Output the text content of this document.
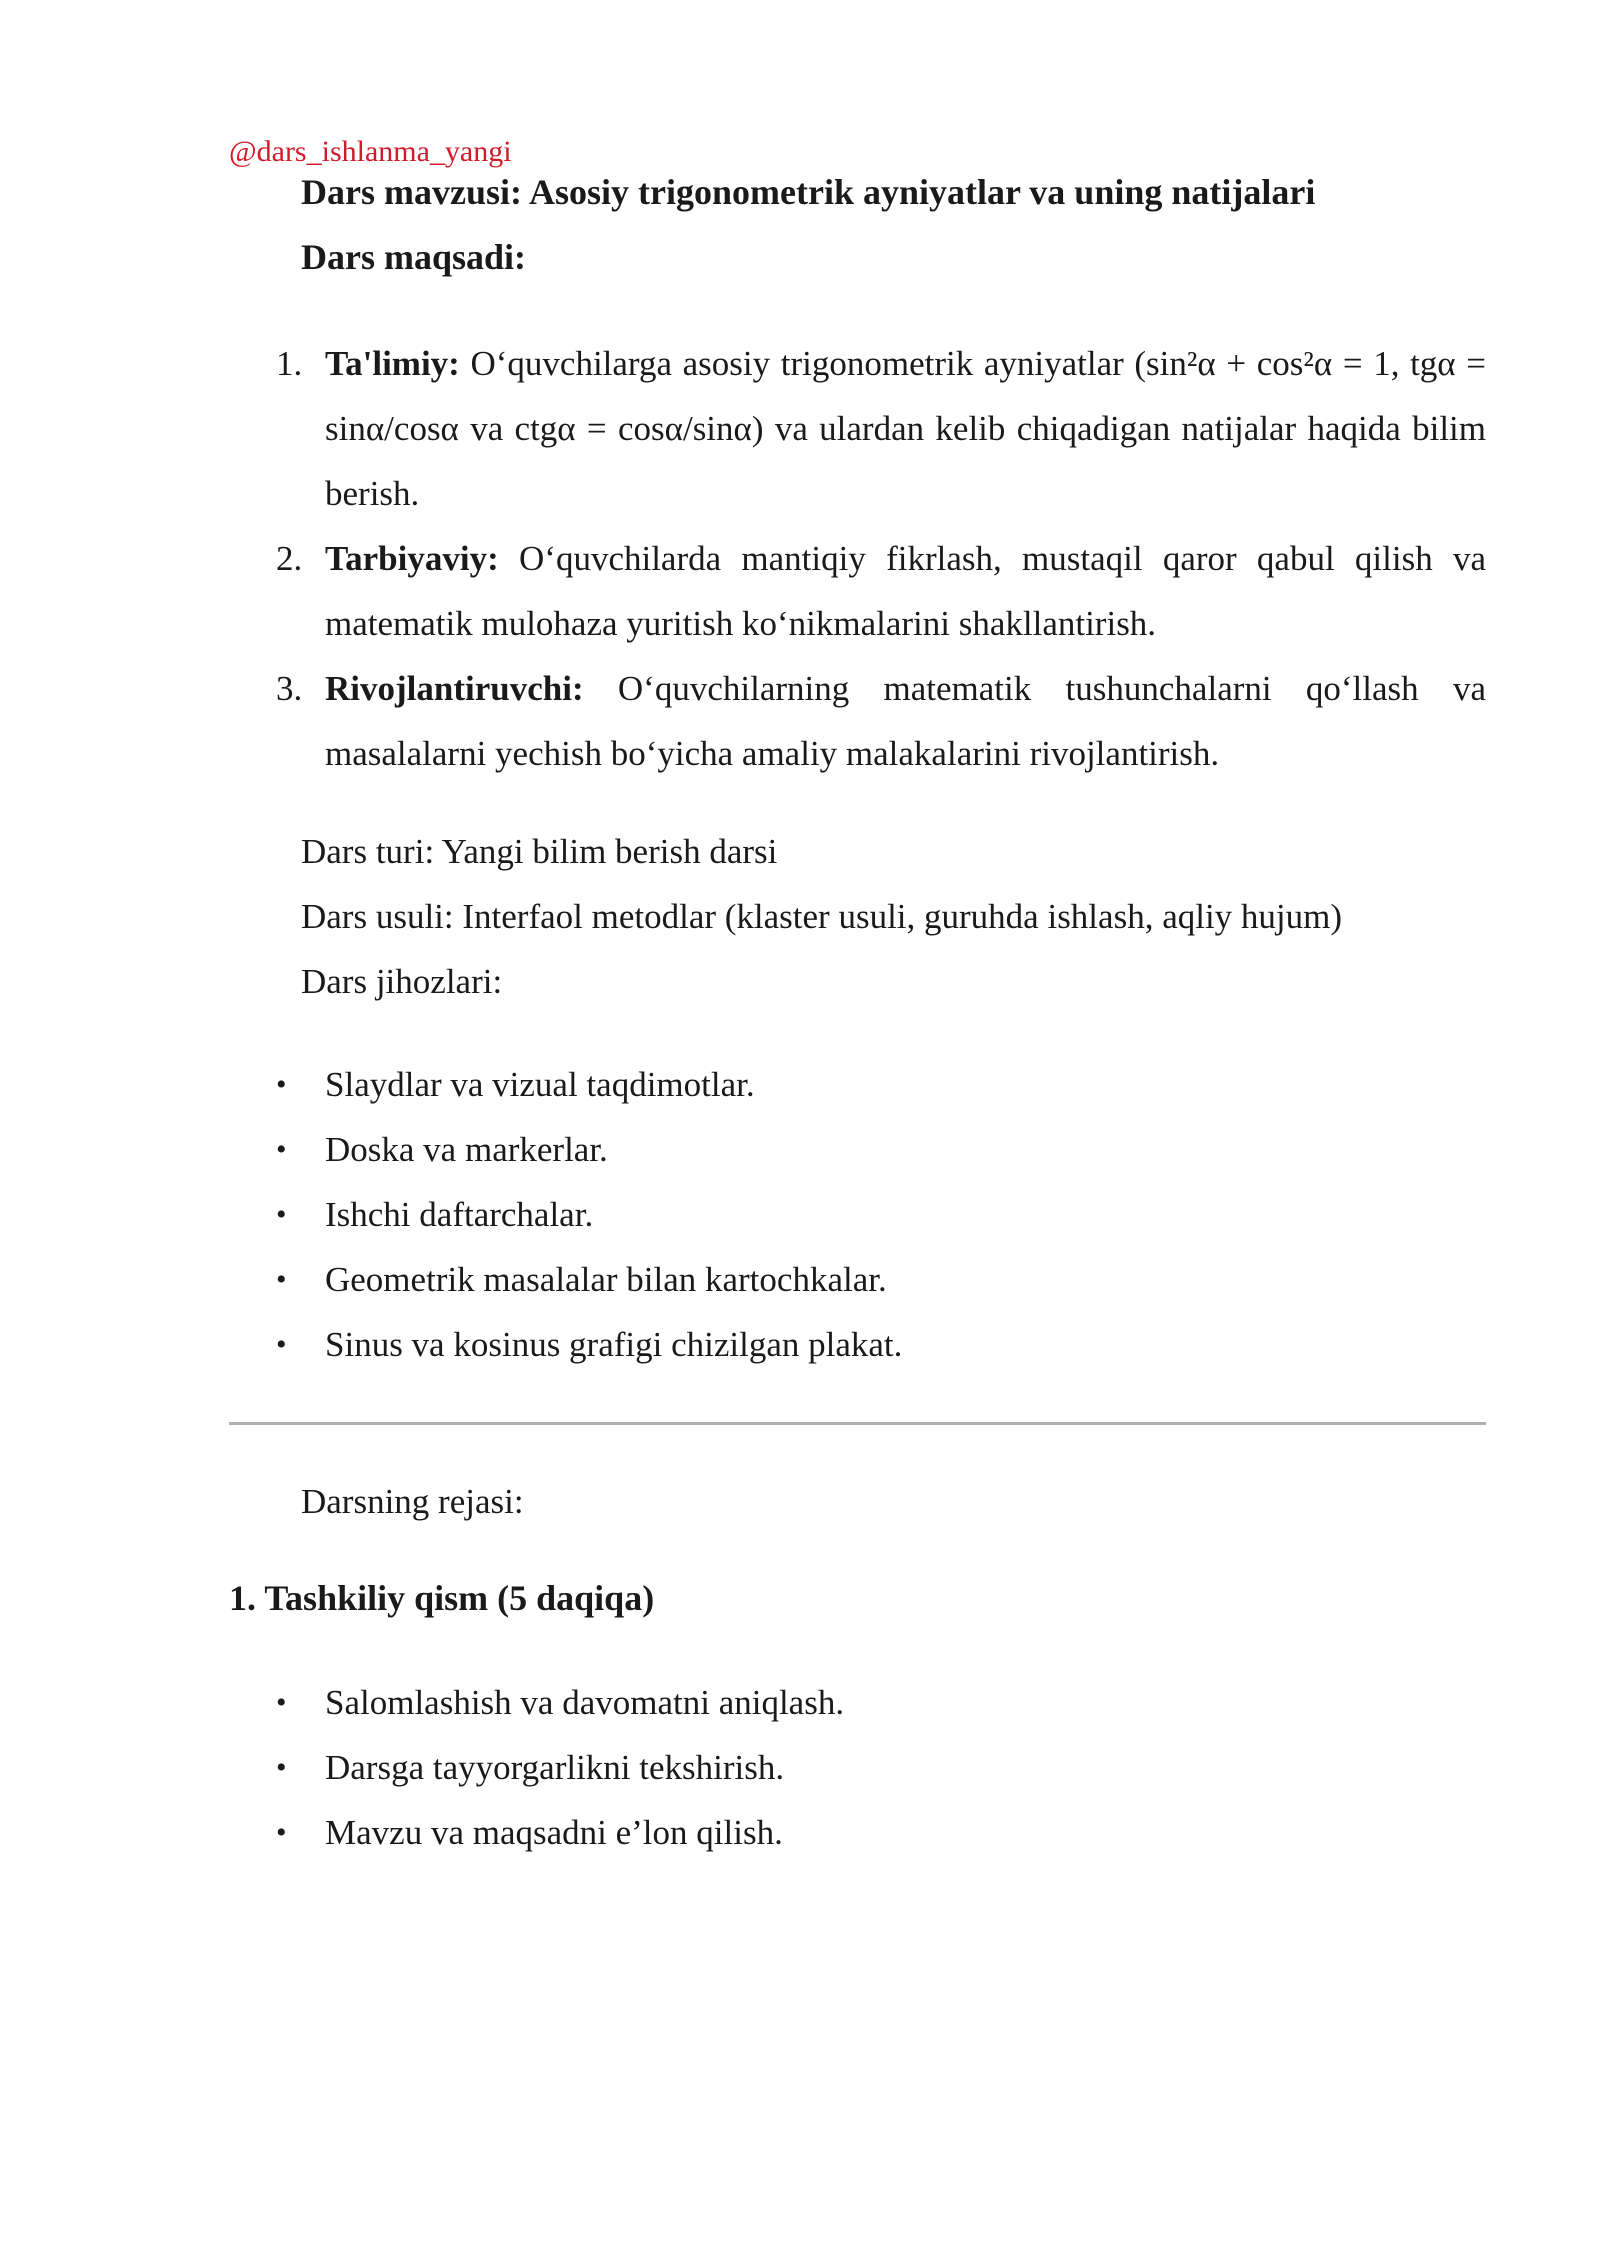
@dars_ishlanma_yangi
Dars mavzusi: Asosiy trigonometrik ayniyatlar va uning natijalari
Dars maqsadi:
1. Ta'limiy: O‘quvchilarga asosiy trigonometrik ayniyatlar (sin²α + cos²α = 1, tgα = sinα/cosα va ctgα = cosα/sinα) va ulardan kelib chiqadigan natijalar haqida bilim berish.
2. Tarbiyaviy: O‘quvchilarda mantiqiy fikrlash, mustaqil qaror qabul qilish va matematik mulohaza yuritish ko‘nikmalarini shakllantirish.
3. Rivojlantiruvchi: O‘quvchilarning matematik tushunchalarni qo‘llash va masalalarni yechish bo‘yicha amaliy malakalarini rivojlantirish.
Dars turi: Yangi bilim berish darsi
Dars usuli: Interfaol metodlar (klaster usuli, guruhda ishlash, aqliy hujum)
Dars jihozlari:
• Slaydlar va vizual taqdimotlar.
• Doska va markerlar.
• Ishchi daftarchalar.
• Geometrik masalalar bilan kartochkalar.
• Sinus va kosinus grafigi chizilgan plakat.
Darsning rejasi:
1. Tashkiliy qism (5 daqiqa)
• Salomlashish va davomatni aniqlash.
• Darsga tayyorgarlikni tekshirish.
• Mavzu va maqsadni e’lon qilish.
